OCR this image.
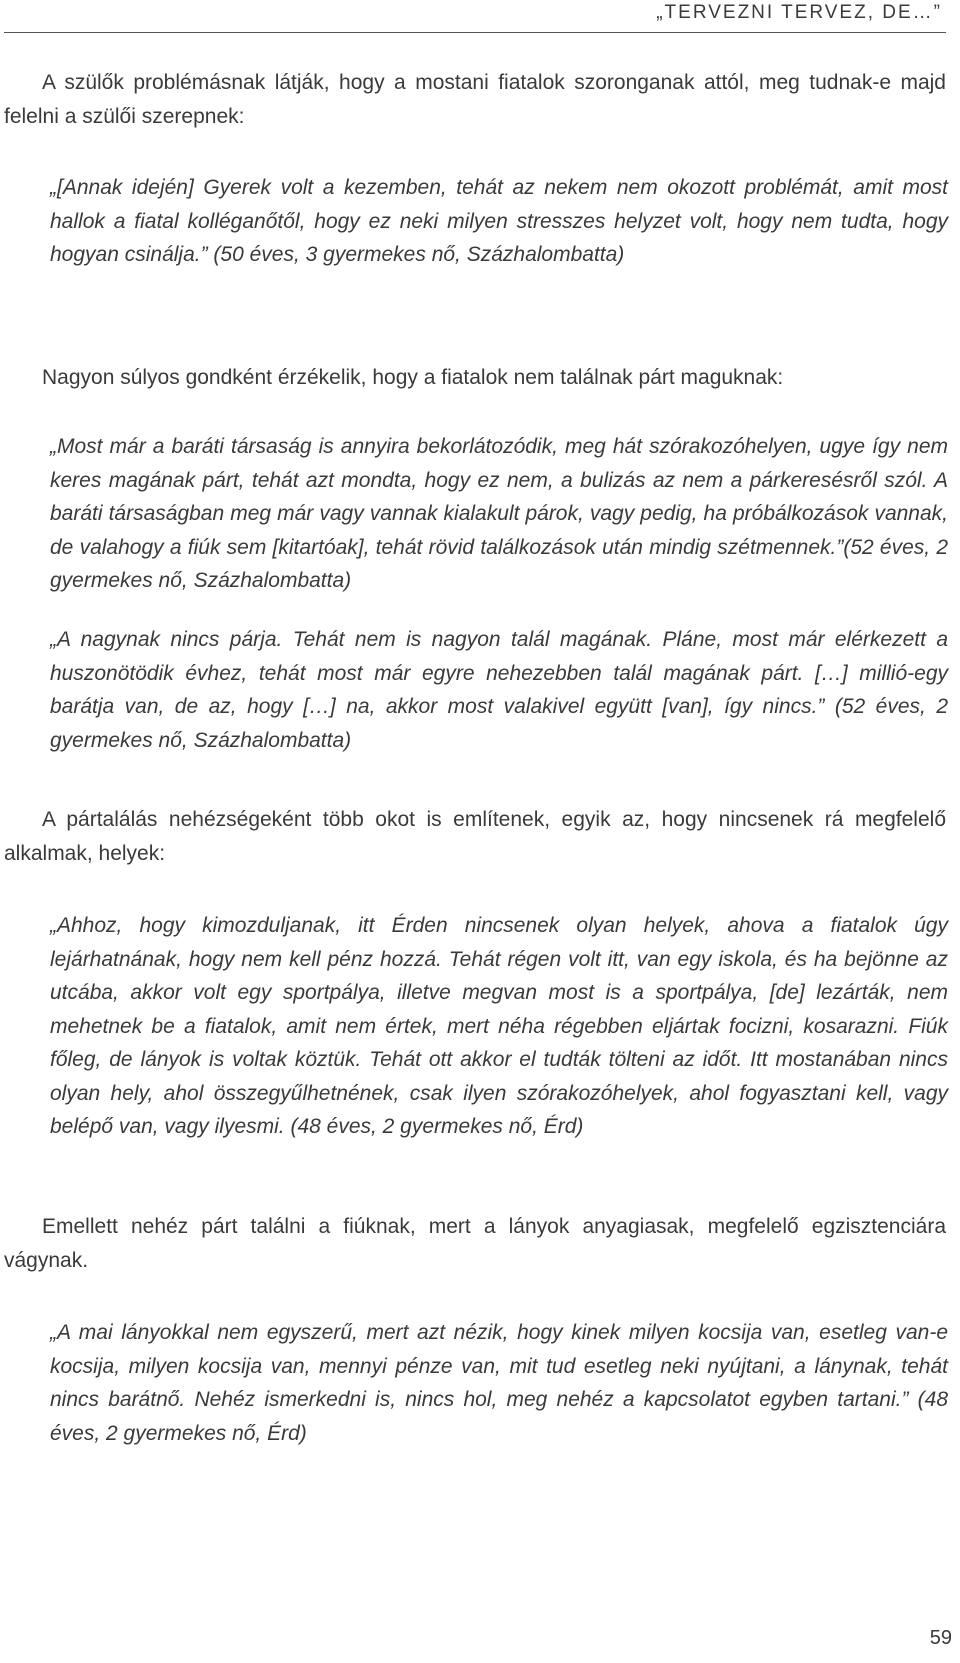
„TERVEZNI TERVEZ, DE…”

A szülők problémásnak látják, hogy a mostani fiatalok szoronganak attól, meg tudnak-e majd felelni a szülői szerepnek:

„[Annak idején] Gyerek volt a kezemben, tehát az nekem nem okozott problémát, amit most hallok a fiatal kolléganőtől, hogy ez neki milyen stresszes helyzet volt, hogy nem tudta, hogy hogyan csinálja.” (50 éves, 3 gyermekes nő, Százhalombatta)

Nagyon súlyos gondként érzékelik, hogy a fiatalok nem találnak párt maguknak:

„Most már a baráti társaság is annyira bekorlátozódik, meg hát szórakozóhelyen, ugye így nem keres magának párt, tehát azt mondta, hogy ez nem, a bulizás az nem a párkeresésről szól. A baráti társaságban meg már vagy vannak kialakult párok, vagy pedig, ha próbálkozások vannak, de valahogy a fiúk sem [kitartóak], tehát rövid találkozások után mindig szétmennek.”(52 éves, 2 gyermekes nő, Százhalombatta)

„A nagynak nincs párja. Tehát nem is nagyon talál magának. Pláne, most már elérkezett a huszonötödik évhez, tehát most már egyre nehezebben talál magának párt. […] millió-egy barátja van, de az, hogy […] na, akkor most valakivel együtt [van], így nincs.” (52 éves, 2 gyermekes nő, Százhalombatta)

A pártalálás nehézségeként több okot is említenek, egyik az, hogy nincsenek rá megfelelő alkalmak, helyek:

„Ahhoz, hogy kimozduljanak, itt Érden nincsenek olyan helyek, ahova a fiatalok úgy lejárhatnának, hogy nem kell pénz hozzá. Tehát régen volt itt, van egy iskola, és ha bejönne az utcába, akkor volt egy sportpálya, illetve megvan most is a sportpálya, [de] lezárták, nem mehetnek be a fiatalok, amit nem értek, mert néha régebben eljártak focizni, kosarazni. Fiúk főleg, de lányok is voltak köztük. Tehát ott akkor el tudták tölteni az időt. Itt mostanában nincs olyan hely, ahol összegyűlhetnének, csak ilyen szórakozóhelyek, ahol fogyasztani kell, vagy belépő van, vagy ilyesmi. (48 éves, 2 gyermekes nő, Érd)

Emellett nehéz párt találni a fiúknak, mert a lányok anyagiasak, megfelelő egzisztenciára vágynak.

„A mai lányokkal nem egyszerű, mert azt nézik, hogy kinek milyen kocsija van, esetleg van-e kocsija, milyen kocsija van, mennyi pénze van, mit tud esetleg neki nyújtani, a lánynak, tehát nincs barátnő. Nehéz ismerkedni is, nincs hol, meg nehéz a kapcsolatot egyben tartani.” (48 éves, 2 gyermekes nő, Érd)

59
